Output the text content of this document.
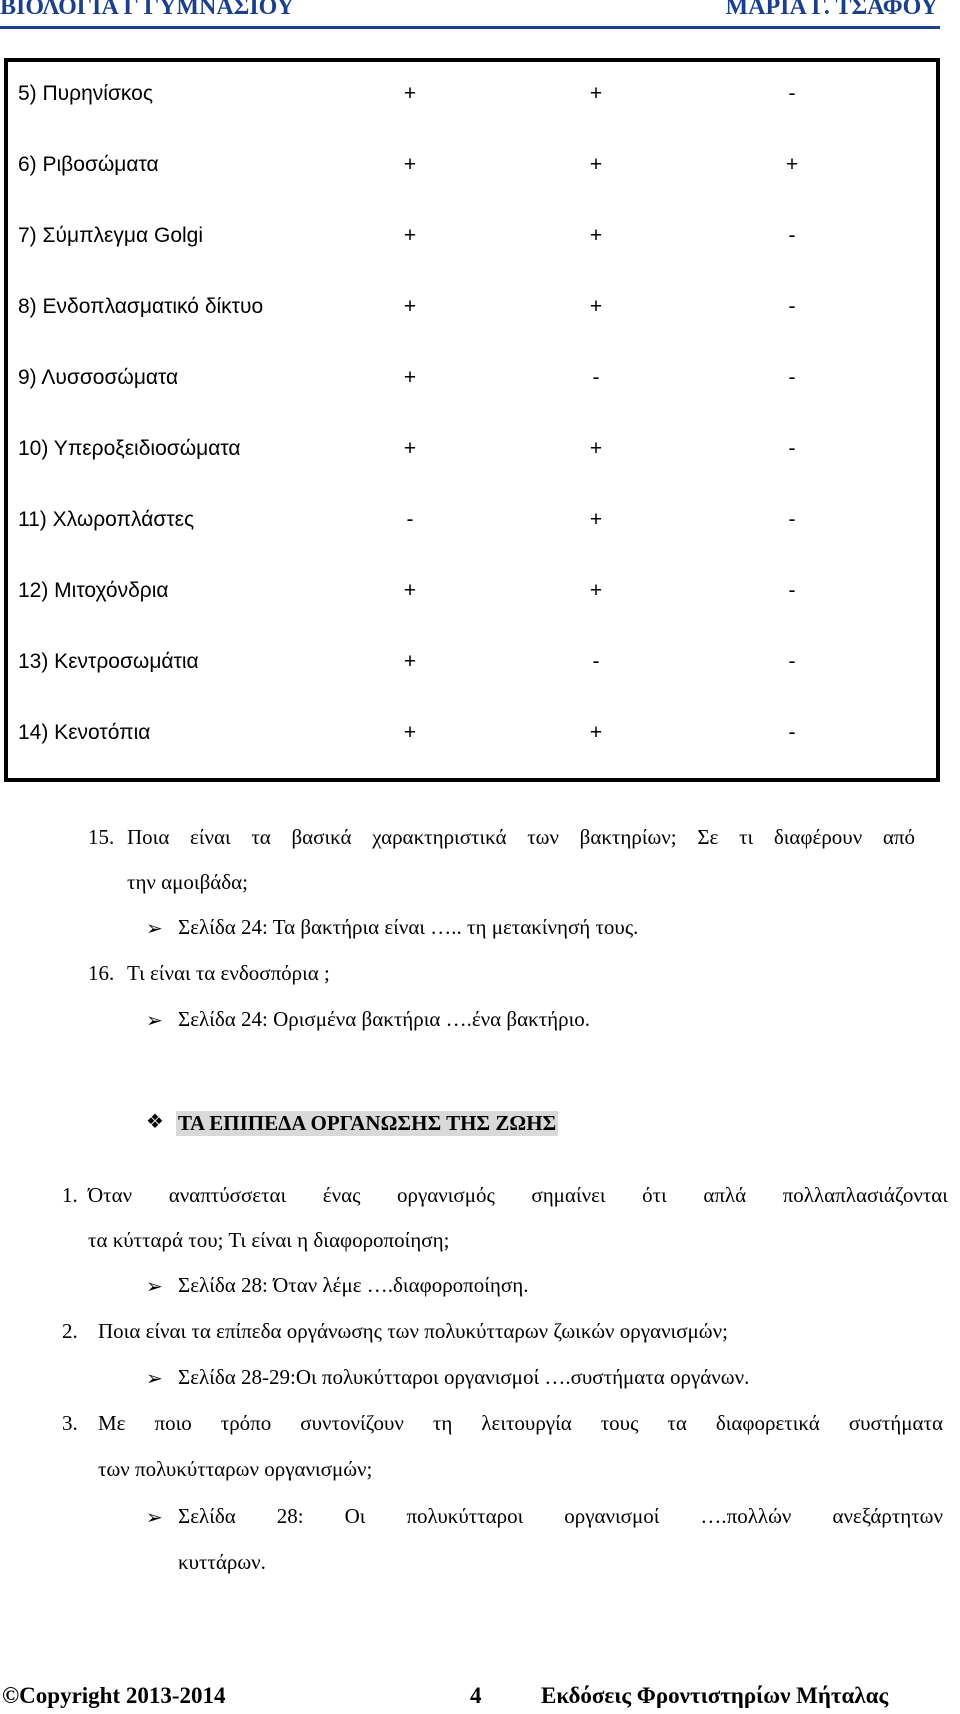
ΒΙΟΛΟΓΙΑ Γ ΓΥΜΝΑΣΙΟΥ	ΜΑΡΙΑ Γ. ΤΣΑΦΟΥ
5) Πυρηνίσκος	+	+	-
6) Ριβοσώματα	+	+	+
7) Σύμπλεγμα Golgi	+	+	-
8) Ενδοπλασματικό δίκτυο	+	+	-
9) Λυσσοσώματα	+	-	-
10) Υπεροξειδιοσώματα	+	+	-
11) Χλωροπλάστες	-	+	-
12) Μιτοχόνδρια	+	+	-
13) Κεντροσωμάτια	+	-	-
14) Κενοτόπια	+	+	-
15. Ποια είναι τα βασικά χαρακτηριστικά των βακτηρίων; Σε τι διαφέρουν από
την αμοιβάδα;
➢ Σελίδα 24: Τα βακτήρια είναι ….. τη μετακίνησή τους.
16. Τι είναι τα ενδοσπόρια ;
➢ Σελίδα 24: Ορισμένα βακτήρια ….ένα βακτήριο.
❖ ΤΑ ΕΠΙΠΕΔΑ ΟΡΓΑΝΩΣΗΣ ΤΗΣ ΖΩΗΣ
1. Όταν αναπτύσσεται ένας οργανισμός σημαίνει ότι απλά πολλαπλασιάζονται
τα κύτταρά του; Τι είναι η διαφοροποίηση;
➢ Σελίδα 28: Όταν λέμε ….διαφοροποίηση.
2. Ποια είναι τα επίπεδα οργάνωσης των πολυκύτταρων ζωικών οργανισμών;
➢ Σελίδα 28-29:Οι πολυκύτταροι οργανισμοί ….συστήματα οργάνων.
3. Με ποιο τρόπο συντονίζουν τη λειτουργία τους τα διαφορετικά συστήματα
των πολυκύτταρων οργανισμών;
➢ Σελίδα 28: Οι πολυκύτταροι οργανισμοί ….πολλών ανεξάρτητων
κυττάρων.
©Copyright 2013-2014	4	Εκδόσεις Φροντιστηρίων Μήταλας
